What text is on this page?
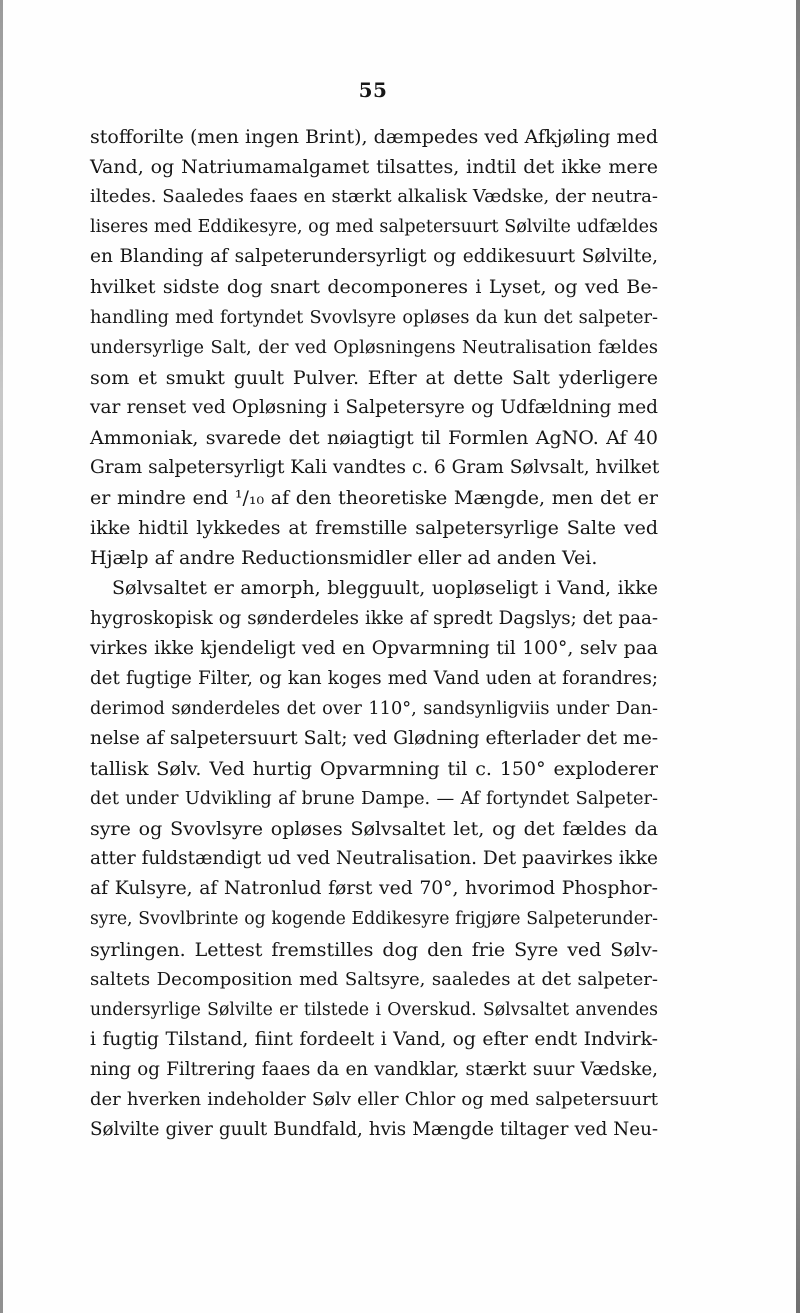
55
stofforilte (men ingen Brint), dæmpedes ved Afkjøling med
Vand, og Natriumamalgamet tilsattes, indtil det ikke mere
iltedes. Saaledes faaes en stærkt alkalisk Vædske, der neutra-
liseres med Eddikesyre, og med salpetersuurt Sølvilte udfældes
en Blanding af salpeterundersyrligt og eddikesuurt Sølvilte,
hvilket sidste dog snart decomponeres i Lyset, og ved Be-
handling med fortyndet Svovlsyre opløses da kun det salpeter-
undersyrlige Salt, der ved Opløsningens Neutralisation fældes
som et smukt guult Pulver. Efter at dette Salt yderligere
var renset ved Opløsning i Salpetersyre og Udfældning med
Ammoniak, svarede det nøiagtigt til Formlen AgNO. Af 40
Gram salpetersyrligt Kali vandtes c. 6 Gram Sølvsalt, hvilket
er mindre end ¹/₁₀ af den theoretiske Mængde, men det er
ikke hidtil lykkedes at fremstille salpetersyrlige Salte ved
Hjælp af andre Reductionsmidler eller ad anden Vei.
Sølvsaltet er amorph, blegguult, uopløseligt i Vand, ikke
hygroskopisk og sønderdeles ikke af spredt Dagslys; det paa-
virkes ikke kjendeligt ved en Opvarmning til 100°, selv paa
det fugtige Filter, og kan koges med Vand uden at forandres;
derimod sønderdeles det over 110°, sandsynligviis under Dan-
nelse af salpetersuurt Salt; ved Glødning efterlader det me-
tallisk Sølv. Ved hurtig Opvarmning til c. 150° exploderer
det under Udvikling af brune Dampe. — Af fortyndet Salpeter-
syre og Svovlsyre opløses Sølvsaltet let, og det fældes da
atter fuldstændigt ud ved Neutralisation. Det paavirkes ikke
af Kulsyre, af Natronlud først ved 70°, hvorimod Phosphor-
syre, Svovlbrinte og kogende Eddikesyre frigjøre Salpeterunder-
syrlingen. Lettest fremstilles dog den frie Syre ved Sølv-
saltets Decomposition med Saltsyre, saaledes at det salpeter-
undersyrlige Sølvilte er tilstede i Overskud. Sølvsaltet anvendes
i fugtig Tilstand, fiint fordeelt i Vand, og efter endt Indvirk-
ning og Filtrering faaes da en vandklar, stærkt suur Vædske,
der hverken indeholder Sølv eller Chlor og med salpetersuurt
Sølvilte giver guult Bundfald, hvis Mængde tiltager ved Neu-
